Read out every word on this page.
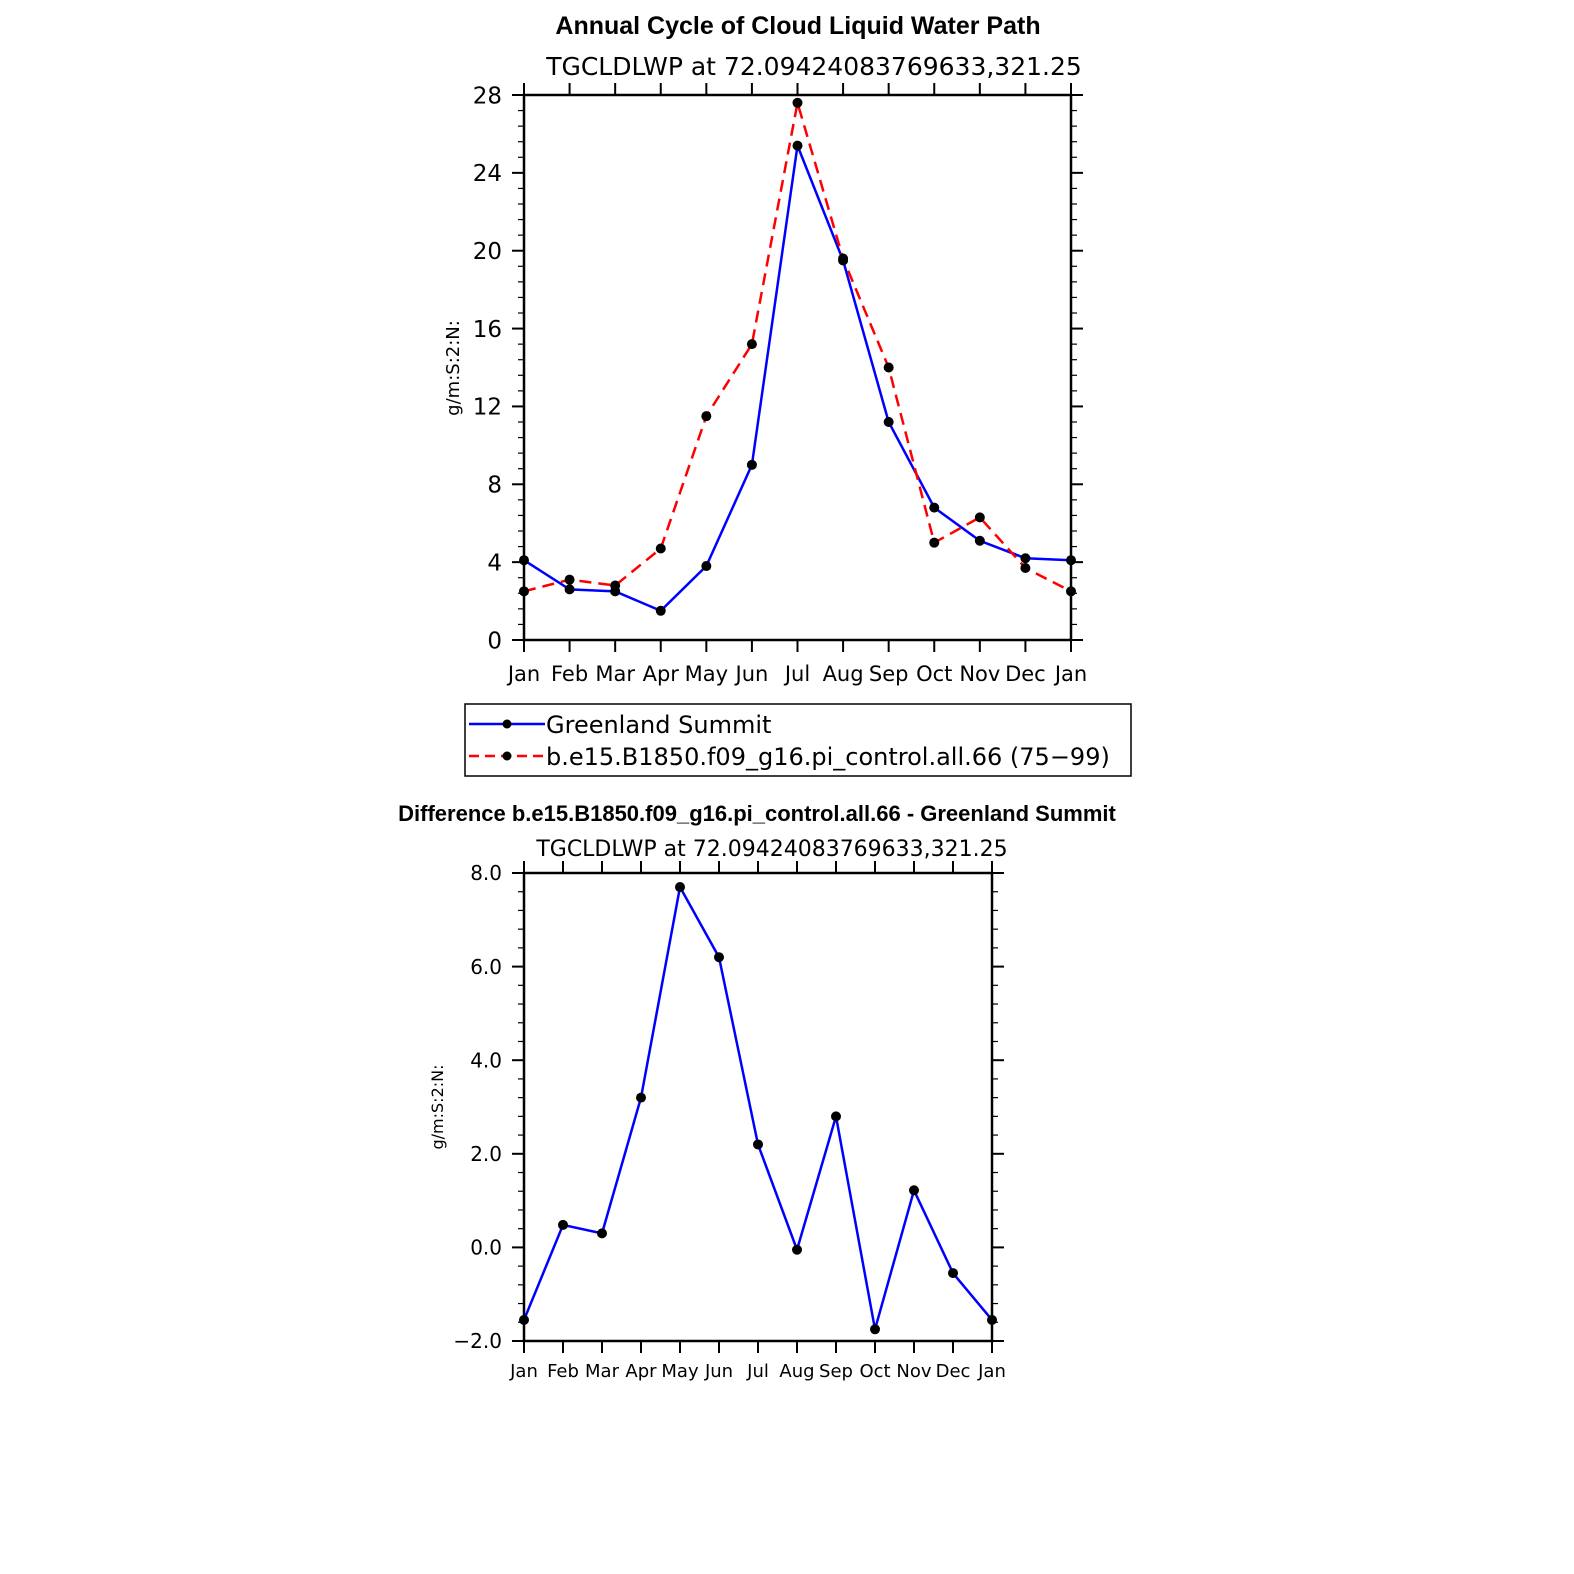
Annual Cycle of Cloud Liquid Water Path
TGCLDLWP at 72.09424083769633,321.25
g/m:S:2:N:
Jan Feb Mar Apr May Jun Jul Aug Sep Oct Nov Dec Jan
0
4
8
12
16
20
24
28
Greenland Summit
b.e15.B1850.f09_g16.pi_control.all.66 (75−99)
Difference b.e15.B1850.f09_g16.pi_control.all.66 - Greenland Summit
TGCLDLWP at 72.09424083769633,321.25
g/m:S:2:N:
Jan Feb Mar Apr May Jun Jul Aug Sep Oct Nov Dec Jan
−2.0
0.0
2.0
4.0
6.0
8.0
